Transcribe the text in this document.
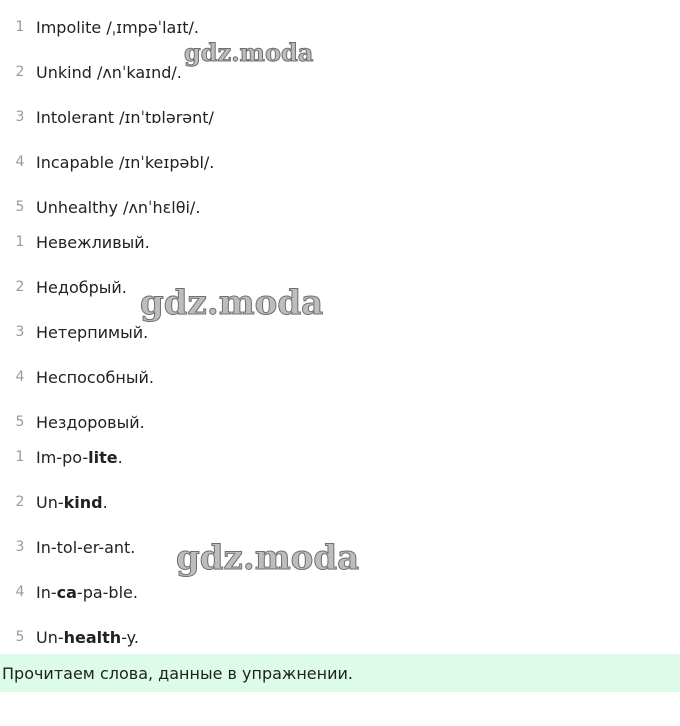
1 Impolite /ˌɪmpəˈlaɪt/.
2 Unkind /ʌnˈkaɪnd/.
3 Intolerant /ɪnˈtɒlərənt/
4 Incapable /ɪnˈkeɪpəbl/.
5 Unhealthy /ʌnˈhɛlθi/.
1 Невежливый.
2 Недобрый.
3 Нетерпимый.
4 Неспособный.
5 Нездоровый.
1 Im-po-lite.
2 Un-kind.
3 In-tol-er-ant.
4 In-ca-pa-ble.
5 Un-health-y.
gdz.moda
gdz.moda
gdz.moda
Прочитаем слова, данные в упражнении.
